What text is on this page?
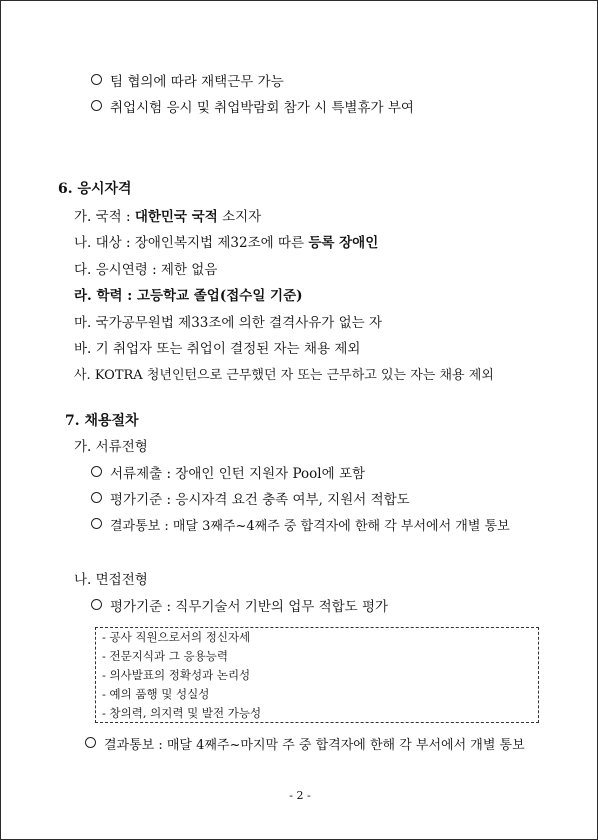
팀 협의에 따라 재택근무 가능
취업시험 응시 및 취업박람회 참가 시 특별휴가 부여
6. 응시자격
가. 국적 : 대한민국 국적 소지자
나. 대상 : 장애인복지법 제32조에 따른 등록 장애인
다. 응시연령 : 제한 없음
라. 학력 : 고등학교 졸업(접수일 기준)
마. 국가공무원법 제33조에 의한 결격사유가 없는 자
바. 기 취업자 또는 취업이 결정된 자는 채용 제외
사. KOTRA 청년인턴으로 근무했던 자 또는 근무하고 있는 자는 채용 제외
7. 채용절차
가. 서류전형
서류제출 : 장애인 인턴 지원자 Pool에 포함
평가기준 : 응시자격 요건 충족 여부, 지원서 적합도
결과통보 : 매달 3째주~4째주 중 합격자에 한해 각 부서에서 개별 통보
나. 면접전형
평가기준 : 직무기술서 기반의 업무 적합도 평가
- 공사 직원으로서의 정신자세
- 전문지식과 그 응용능력
- 의사발표의 정확성과 논리성
- 예의 품행 및 성실성
- 창의력, 의지력 및 발전 가능성
결과통보 : 매달 4째주~마지막 주 중 합격자에 한해 각 부서에서 개별 통보
- 2 -
